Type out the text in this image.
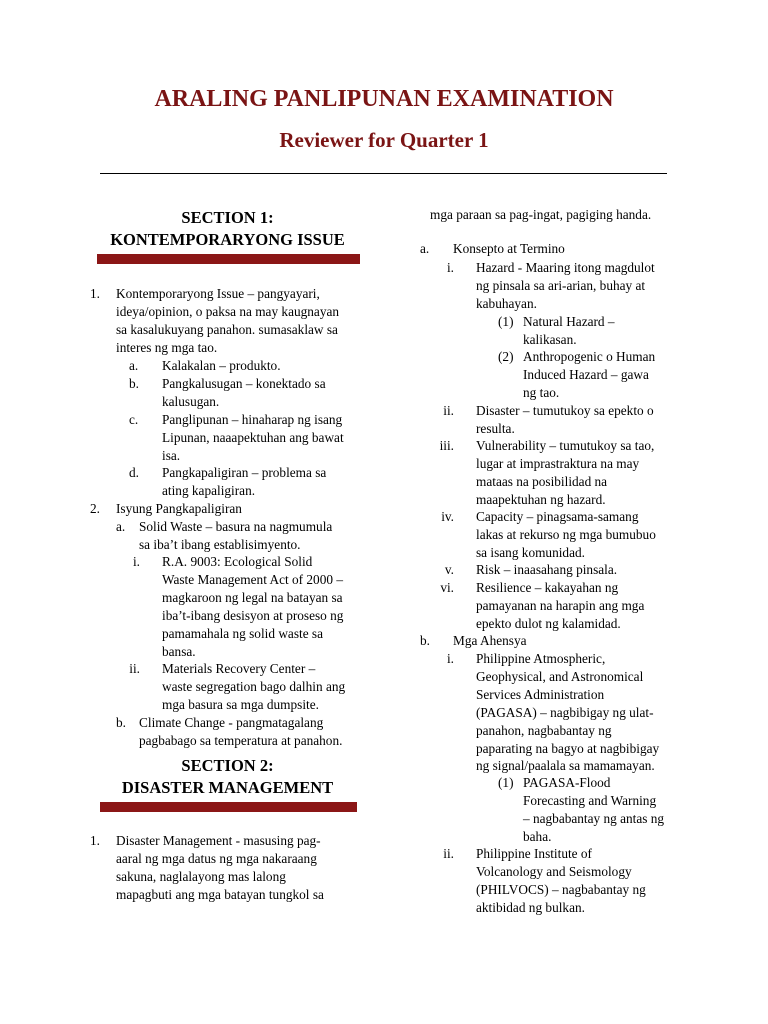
ARALING PANLIPUNAN EXAMINATION
Reviewer for Quarter 1
SECTION 1:
KONTEMPORARYONG ISSUE
1. Kontemporaryong Issue – pangyayari,
ideya/opinion, o paksa na may kaugnayan
sa kasalukuyang panahon. sumasaklaw sa
interes ng mga tao.
a. Kalakalan – produkto.
b. Pangkalusugan – konektado sa
kalusugan.
c. Panglipunan – hinaharap ng isang
Lipunan, naaapektuhan ang bawat
isa.
d. Pangkapaligiran – problema sa
ating kapaligiran.
2. Isyung Pangkapaligiran
a. Solid Waste – basura na nagmumula
sa iba’t ibang establisimyento.
i. R.A. 9003: Ecological Solid
Waste Management Act of 2000 –
magkaroon ng legal na batayan sa
iba’t-ibang desisyon at proseso ng
pamamahala ng solid waste sa
bansa.
ii. Materials Recovery Center –
waste segregation bago dalhin ang
mga basura sa mga dumpsite.
b. Climate Change - pangmatagalang
pagbabago sa temperatura at panahon.
SECTION 2:
DISASTER MANAGEMENT
1. Disaster Management - masusing pag-
aaral ng mga datus ng mga nakaraang
sakuna, naglalayong mas lalong
mapagbuti ang mga batayan tungkol sa
mga paraan sa pag-ingat, pagiging handa.
a. Konsepto at Termino
i. Hazard - Maaring itong magdulot
ng pinsala sa ari-arian, buhay at
kabuhayan.
(1) Natural Hazard –
kalikasan.
(2) Anthropogenic o Human
Induced Hazard – gawa
ng tao.
ii. Disaster – tumutukoy sa epekto o
resulta.
iii. Vulnerability – tumutukoy sa tao,
lugar at imprastraktura na may
mataas na posibilidad na
maapektuhan ng hazard.
iv. Capacity – pinagsama-samang
lakas at rekurso ng mga bumubuo
sa isang komunidad.
v. Risk – inaasahang pinsala.
vi. Resilience – kakayahan ng
pamayanan na harapin ang mga
epekto dulot ng kalamidad.
b. Mga Ahensya
i. Philippine Atmospheric,
Geophysical, and Astronomical
Services Administration
(PAGASA) – nagbibigay ng ulat-
panahon, nagbabantay ng
paparating na bagyo at nagbibigay
ng signal/paalala sa mamamayan.
(1) PAGASA-Flood
Forecasting and Warning
– nagbabantay ng antas ng
baha.
ii. Philippine Institute of
Volcanology and Seismology
(PHILVOCS) – nagbabantay ng
aktibidad ng bulkan.
